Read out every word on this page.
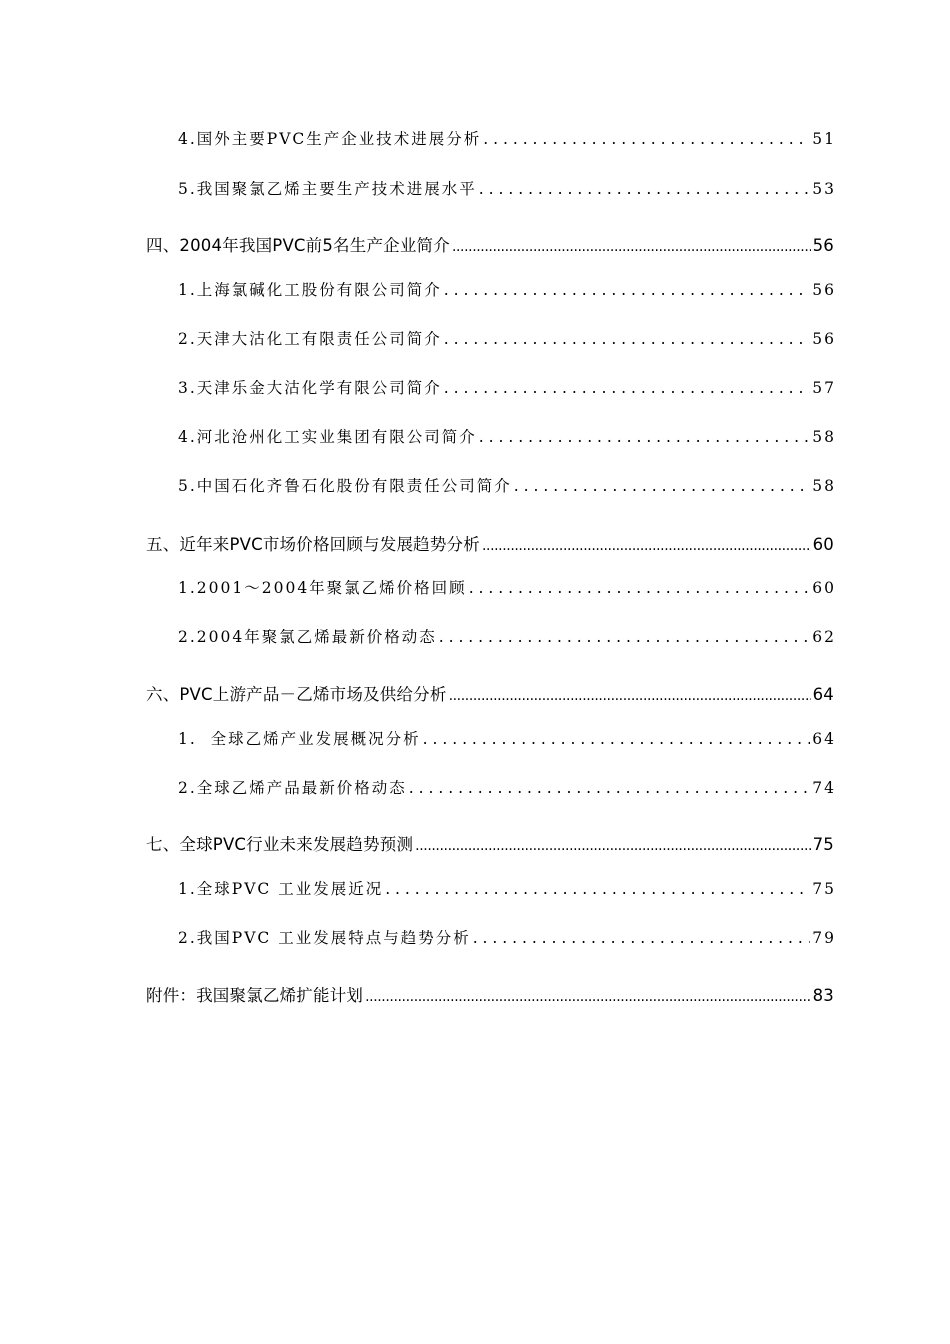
4.国外主要PVC生产企业技术进展分析 . . .	51
5.我国聚氯乙烯主要生产技术进展水平 . . .	53
四、2004年我国PVC前5名生产企业简介 .....	56
1.上海氯碱化工股份有限公司简介 . . .	56
2.天津大沽化工有限责任公司简介 . . .	56
3.天津乐金大沽化学有限公司简介 . . .	57
4.河北沧州化工实业集团有限公司简介 . . .	58
5.中国石化齐鲁石化股份有限责任公司简介 . . .	58
五、近年来PVC市场价格回顾与发展趋势分析 .....	60
1.2001～2004年聚氯乙烯价格回顾 . . .	60
2.2004年聚氯乙烯最新价格动态 . . .	62
六、PVC上游产品－乙烯市场及供给分析 .....	64
1.  全球乙烯产业发展概况分析 . . .	64
2.全球乙烯产品最新价格动态 . . .	74
七、全球PVC行业未来发展趋势预测 .....	75
1.全球PVC 工业发展近况 . . .	75
2.我国PVC 工业发展特点与趋势分析 . . .	79
附件：我国聚氯乙烯扩能计划 .....	83
